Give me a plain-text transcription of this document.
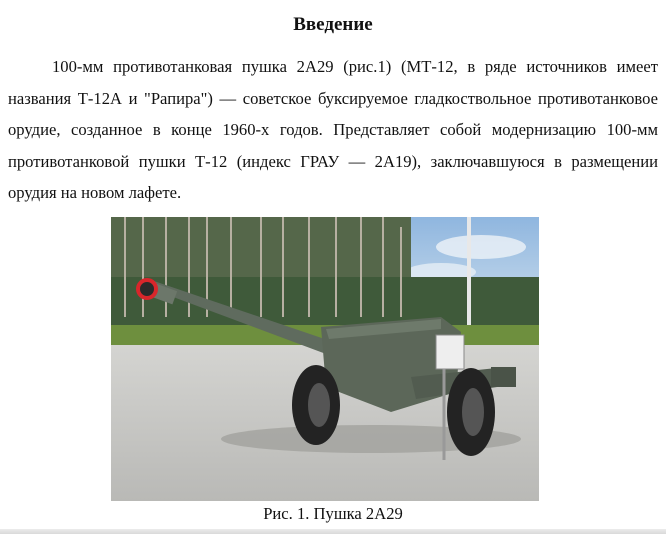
Введение

100-мм противотанковая пушка 2А29 (рис.1) (МТ-12, в ряде источников имеет названия Т-12А и "Рапира") — советское буксируемое гладкоствольное противотанковое орудие, созданное в конце 1960-х годов. Представляет собой модернизацию 100-мм противотанковой пушки Т-12 (индекс ГРАУ — 2А19), заключавшуюся в размещении орудия на новом лафете.

Рис. 1. Пушка 2А29
